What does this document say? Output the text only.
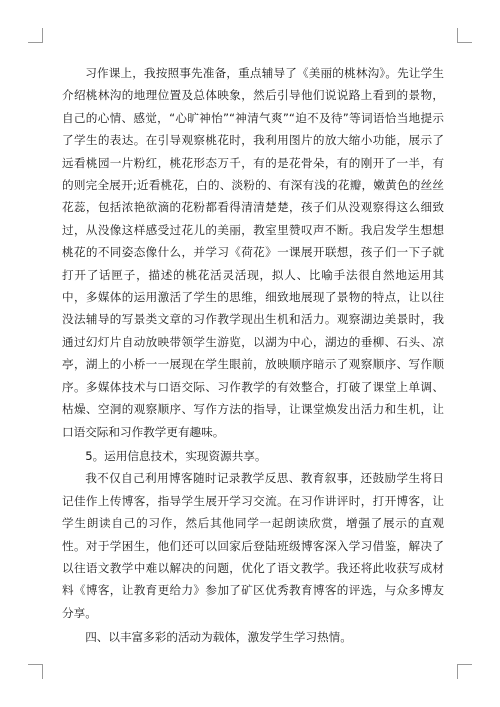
习作课上，我按照事先准备，重点辅导了《美丽的桃林沟》。先让学生介绍桃林沟的地理位置及总体映象，然后引导他们说说路上看到的景物，自己的心情、感觉，“心旷神怡”“神清气爽”“迫不及待”等词语恰当地提示了学生的表达。在引导观察桃花时，我利用图片的放大缩小功能，展示了远看桃园一片粉红，桃花形态万千，有的是花骨朵，有的刚开了一半，有的则完全展开;近看桃花，白的、淡粉的、有深有浅的花瓣，嫩黄色的丝丝花蕊，包括浓艳欲滴的花粉都看得清清楚楚，孩子们从没观察得这么细致过，从没像这样感受过花儿的美丽，教室里赞叹声不断。我启发学生想想桃花的不同姿态像什么，并学习《荷花》一课展开联想，孩子们一下子就打开了话匣子，描述的桃花活灵活现，拟人、比喻手法很自然地运用其中，多媒体的运用激活了学生的思维，细致地展现了景物的特点，让以往没法辅导的写景类文章的习作教学现出生机和活力。观察湖边美景时，我通过幻灯片自动放映带领学生游览，以湖为中心，湖边的垂柳、石头、凉亭，湖上的小桥一一展现在学生眼前，放映顺序暗示了观察顺序、写作顺序。多媒体技术与口语交际、习作教学的有效整合，打破了课堂上单调、枯燥、空洞的观察顺序、写作方法的指导，让课堂焕发出活力和生机，让口语交际和习作教学更有趣味。

5。运用信息技术，实现资源共享。

我不仅自己利用博客随时记录教学反思、教育叙事，还鼓励学生将日记佳作上传博客，指导学生展开学习交流。在习作讲评时，打开博客，让学生朗读自己的习作，然后其他同学一起朗读欣赏，增强了展示的直观性。对于学困生，他们还可以回家后登陆班级博客深入学习借鉴，解决了以往语文教学中难以解决的问题，优化了语文教学。我还将此收获写成材料《博客，让教育更给力》参加了矿区优秀教育博客的评选，与众多博友分享。

四、以丰富多彩的活动为载体，激发学生学习热情。
